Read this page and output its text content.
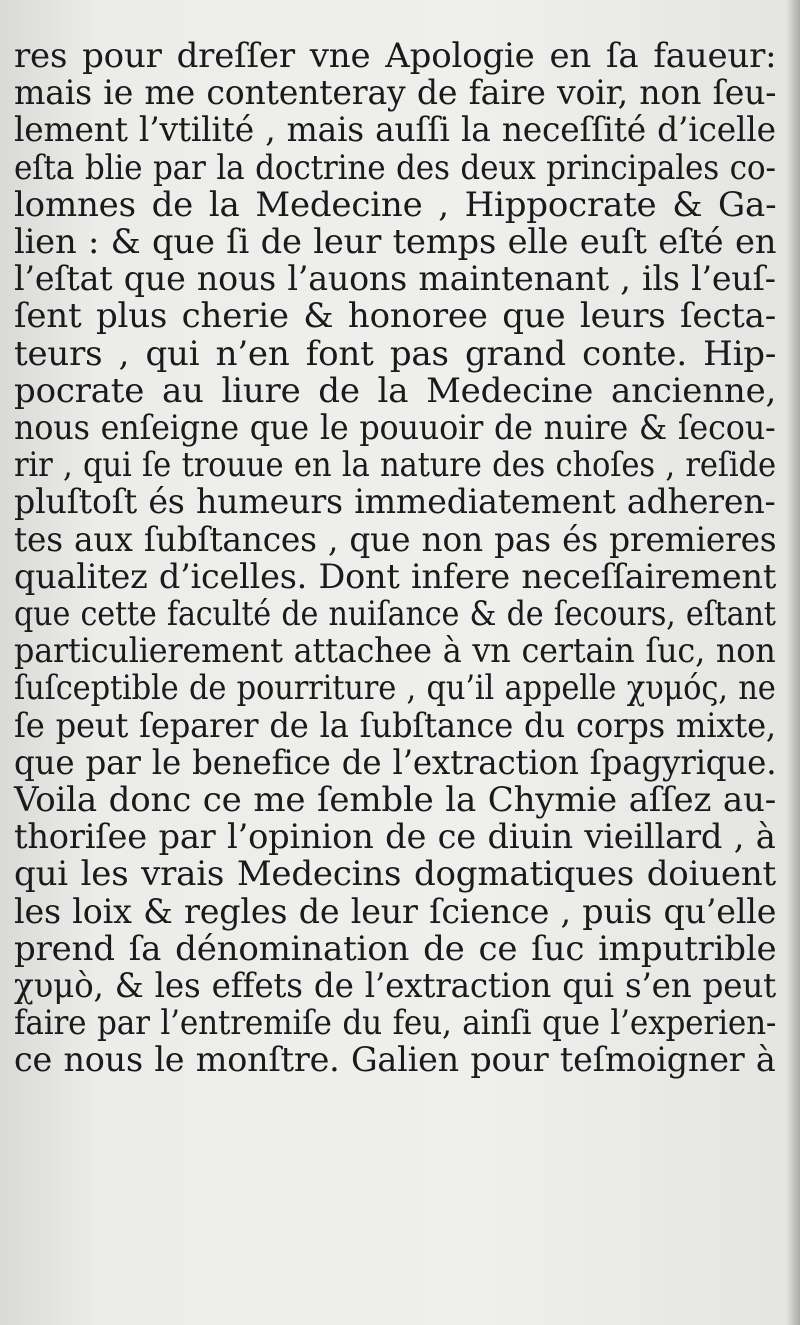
res pour dreſſer vne Apologie en ſa faueur:
mais ie me contenteray de faire voir, non ſeu-
lement l’vtilité , mais auſſi la neceſſité d’icelle
eſta blie par la doctrine des deux principales co-
lomnes de la Medecine , Hippocrate & Ga-
lien : & que ſi de leur temps elle euſt eſté en
l’eſtat que nous l’auons maintenant , ils l’euſ-
ſent plus cherie & honoree que leurs ſecta-
teurs , qui n’en font pas grand conte. Hip-
pocrate au liure de la Medecine ancienne,
nous enſeigne que le pouuoir de nuire & ſecou-
rir , qui ſe trouue en la nature des choſes , reſide
pluſtoſt és humeurs immediatement adheren-
tes aux ſubſtances , que non pas és premieres
qualitez d’icelles. Dont infere neceſſairement
que cette faculté de nuiſance & de ſecours, eſtant
particulierement attachee à vn certain ſuc, non
ſuſceptible de pourriture , qu’il appelle χυμός, ne
ſe peut ſeparer de la ſubſtance du corps mixte,
que par le benefice de l’extraction ſpagyrique.
Voila donc ce me ſemble la Chymie aſſez au-
thoriſee par l’opinion de ce diuin vieillard , à
qui les vrais Medecins dogmatiques doiuent
les loix & regles de leur ſcience , puis qu’elle
prend ſa dénomination de ce ſuc imputrible
χυμὸ, & les effets de l’extraction qui s’en peut
faire par l’entremiſe du feu, ainſi que l’experien-
ce nous le monſtre. Galien pour teſmoigner à
